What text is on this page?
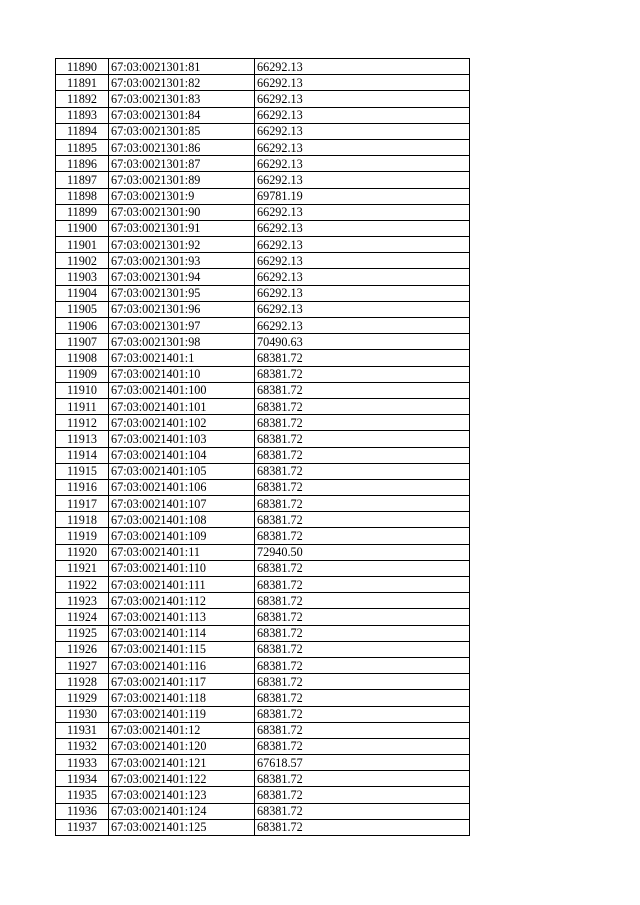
11890	67:03:0021301:81	66292.13
11891	67:03:0021301:82	66292.13
11892	67:03:0021301:83	66292.13
11893	67:03:0021301:84	66292.13
11894	67:03:0021301:85	66292.13
11895	67:03:0021301:86	66292.13
11896	67:03:0021301:87	66292.13
11897	67:03:0021301:89	66292.13
11898	67:03:0021301:9	69781.19
11899	67:03:0021301:90	66292.13
11900	67:03:0021301:91	66292.13
11901	67:03:0021301:92	66292.13
11902	67:03:0021301:93	66292.13
11903	67:03:0021301:94	66292.13
11904	67:03:0021301:95	66292.13
11905	67:03:0021301:96	66292.13
11906	67:03:0021301:97	66292.13
11907	67:03:0021301:98	70490.63
11908	67:03:0021401:1	68381.72
11909	67:03:0021401:10	68381.72
11910	67:03:0021401:100	68381.72
11911	67:03:0021401:101	68381.72
11912	67:03:0021401:102	68381.72
11913	67:03:0021401:103	68381.72
11914	67:03:0021401:104	68381.72
11915	67:03:0021401:105	68381.72
11916	67:03:0021401:106	68381.72
11917	67:03:0021401:107	68381.72
11918	67:03:0021401:108	68381.72
11919	67:03:0021401:109	68381.72
11920	67:03:0021401:11	72940.50
11921	67:03:0021401:110	68381.72
11922	67:03:0021401:111	68381.72
11923	67:03:0021401:112	68381.72
11924	67:03:0021401:113	68381.72
11925	67:03:0021401:114	68381.72
11926	67:03:0021401:115	68381.72
11927	67:03:0021401:116	68381.72
11928	67:03:0021401:117	68381.72
11929	67:03:0021401:118	68381.72
11930	67:03:0021401:119	68381.72
11931	67:03:0021401:12	68381.72
11932	67:03:0021401:120	68381.72
11933	67:03:0021401:121	67618.57
11934	67:03:0021401:122	68381.72
11935	67:03:0021401:123	68381.72
11936	67:03:0021401:124	68381.72
11937	67:03:0021401:125	68381.72
